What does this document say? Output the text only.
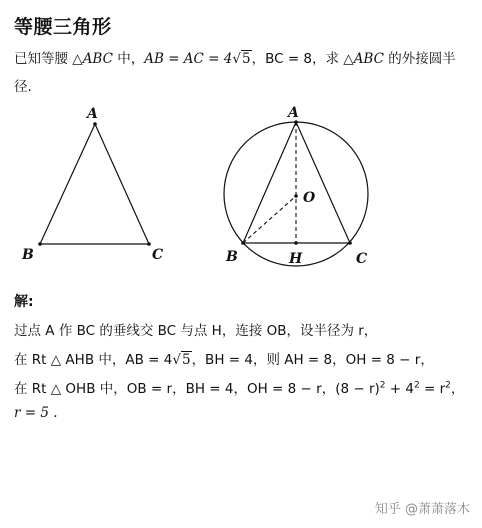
等腰三角形
已知等腰 △ABC 中，AB = AC = 4√5，BC = 8，求 △ABC 的外接圆半
径.
A
B	C
A
O
B	H	C
解:
过点 A 作 BC 的垂线交 BC 与点 H，连接 OB，设半径为 r，
在 Rt △ AHB 中，AB = 4√5，BH = 4，则 AH = 8，OH = 8 − r，
在 Rt △ OHB 中，OB = r，BH = 4，OH = 8 − r，$(8 - r)^2 + 4^2 = r^2$，
r = 5 .
知乎 @萧萧落木
